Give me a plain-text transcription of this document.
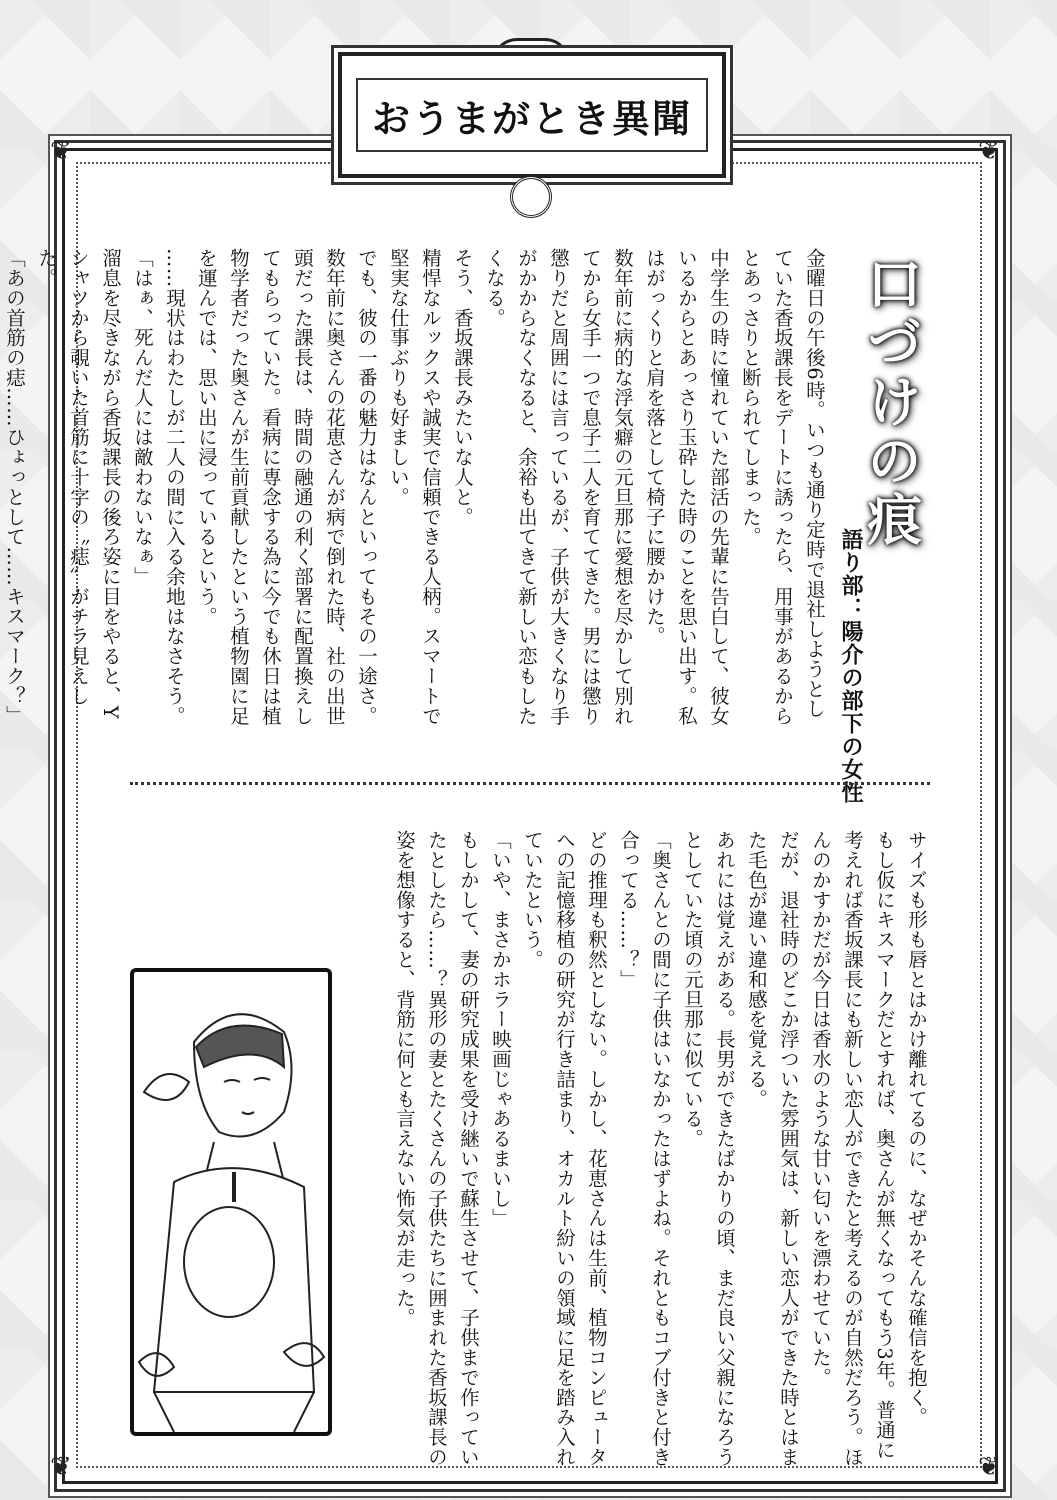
❦	❦
❦	❦
おうまがとき異聞
口づけの痕
語り部：陽介の部下の女性

金曜日の午後6時。いつも通り定時で退社しようとしていた香坂課長をデートに誘ったら、用事があるからとあっさりと断られてしまった。

中学生の時に憧れていた部活の先輩に告白して、彼女いるからとあっさり玉砕した時のことを思い出す。私はがっくりと肩を落として椅子に腰かけた。

数年前に病的な浮気癖の元旦那に愛想を尽かして別れてから女手一つで息子二人を育ててきた。男には懲り懲りだと周囲には言っているが、子供が大きくなり手がかからなくなると、余裕も出てきて新しい恋もしたくなる。

そう、香坂課長みたいな人と。

精悍なルックスや誠実で信頼できる人柄。スマートで堅実な仕事ぶりも好ましい。

でも、彼の一番の魅力はなんといってもその一途さ。

数年前に奥さんの花恵さんが病で倒れた時、社の出世頭だった課長は、時間の融通の利く部署に配置換えしてもらっていた。看病に専念する為に今でも休日は植物学者だった奥さんが生前貢献したという植物園に足を運んでは、思い出に浸っているという。

……現状はわたしが二人の間に入る余地はなさそう。

「はぁ、死んだ人には敵わないなぁ」

溜息を尽きながら香坂課長の後ろ姿に目をやると、Yシャツから覗いた首筋に十字の〝痣〟がチラ見えした。

「あの首筋の痣……ひょっとして……キスマーク？」

サイズも形も唇とはかけ離れてるのに、なぜかそんな確信を抱く。

もし仮にキスマークだとすれば、奥さんが無くなってもう3年。普通に考えれば香坂課長にも新しい恋人ができたと考えるのが自然だろう。ほんのかすかだが今日は香水のような甘い匂いを漂わせていた。

だが、退社時のどこか浮ついた雰囲気は、新しい恋人ができた時とはまた毛色が違い違和感を覚える。

あれには覚えがある。長男ができたばかりの頃、まだ良い父親になろうとしていた頃の元旦那に似ている。

「奥さんとの間に子供はいなかったはずよね。それともコブ付きと付き合ってる……？」

どの推理も釈然としない。しかし、花恵さんは生前、植物コンピュータへの記憶移植の研究が行き詰まり、オカルト紛いの領域に足を踏み入れていたという。

「いや、まさかホラー映画じゃあるまいし」

もしかして、妻の研究成果を受け継いで蘇生させて、子供まで作っていたとしたら……？異形の妻とたくさんの子供たちに囲まれた香坂課長の姿を想像すると、背筋に何とも言えない怖気が走った。
